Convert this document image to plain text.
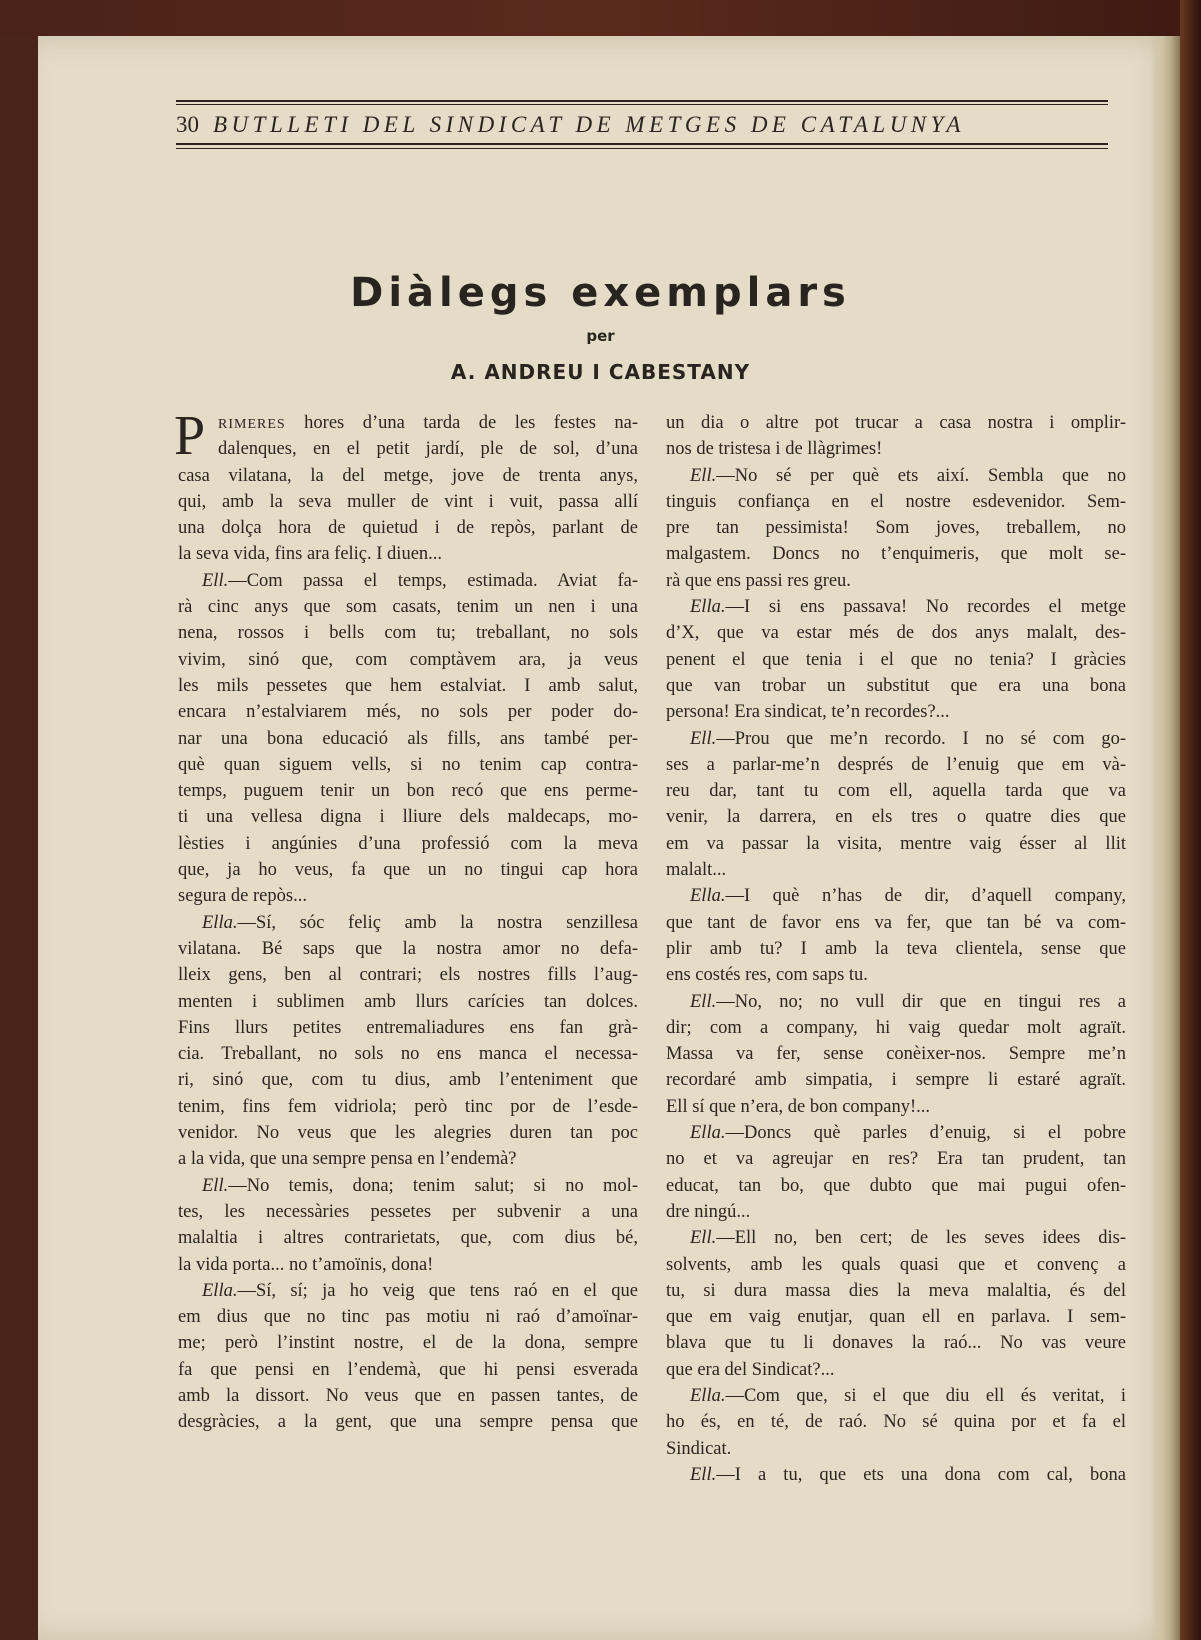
30 BUTLLETI DEL SINDICAT DE METGES DE CATALUNYA
Diàlegs exemplars
per
A. ANDREU I CABESTANY
P RIMERES hores d’una tarda de les festes na-
dalenques, en el petit jardí, ple de sol, d’una
casa vilatana, la del metge, jove de trenta anys,
qui, amb la seva muller de vint i vuit, passa allí
una dolça hora de quietud i de repòs, parlant de
la seva vida, fins ara feliç. I diuen...
Ell.—Com passa el temps, estimada. Aviat fa-
rà cinc anys que som casats, tenim un nen i una
nena, rossos i bells com tu; treballant, no sols
vivim, sinó que, com comptàvem ara, ja veus
les mils pessetes que hem estalviat. I amb salut,
encara n’estalviarem més, no sols per poder do-
nar una bona educació als fills, ans també per-
què quan siguem vells, si no tenim cap contra-
temps, puguem tenir un bon recó que ens perme-
ti una vellesa digna i lliure dels maldecaps, mo-
lèsties i angúnies d’una professió com la meva
que, ja ho veus, fa que un no tingui cap hora
segura de repòs...
Ella.—Sí, sóc feliç amb la nostra senzillesa
vilatana. Bé saps que la nostra amor no defa-
lleix gens, ben al contrari; els nostres fills l’aug-
menten i sublimen amb llurs carícies tan dolces.
Fins llurs petites entremaliadures ens fan grà-
cia. Treballant, no sols no ens manca el necessa-
ri, sinó que, com tu dius, amb l’enteniment que
tenim, fins fem vidriola; però tinc por de l’esde-
venidor. No veus que les alegries duren tan poc
a la vida, que una sempre pensa en l’endemà?
Ell.—No temis, dona; tenim salut; si no mol-
tes, les necessàries pessetes per subvenir a una
malaltia i altres contrarietats, que, com dius bé,
la vida porta... no t’amoïnis, dona!
Ella.—Sí, sí; ja ho veig que tens raó en el que
em dius que no tinc pas motiu ni raó d’amoïnar-
me; però l’instint nostre, el de la dona, sempre
fa que pensi en l’endemà, que hi pensi esverada
amb la dissort. No veus que en passen tantes, de
desgràcies, a la gent, que una sempre pensa que
un dia o altre pot trucar a casa nostra i omplir-
nos de tristesa i de llàgrimes!
Ell.—No sé per què ets així. Sembla que no
tinguis confiança en el nostre esdevenidor. Sem-
pre tan pessimista! Som joves, treballem, no
malgastem. Doncs no t’enquimeris, que molt se-
rà que ens passi res greu.
Ella.—I si ens passava! No recordes el metge
d’X, que va estar més de dos anys malalt, des-
penent el que tenia i el que no tenia? I gràcies
que van trobar un substitut que era una bona
persona! Era sindicat, te’n recordes?...
Ell.—Prou que me’n recordo. I no sé com go-
ses a parlar-me’n després de l’enuig que em và-
reu dar, tant tu com ell, aquella tarda que va
venir, la darrera, en els tres o quatre dies que
em va passar la visita, mentre vaig ésser al llit
malalt...
Ella.—I què n’has de dir, d’aquell company,
que tant de favor ens va fer, que tan bé va com-
plir amb tu? I amb la teva clientela, sense que
ens costés res, com saps tu.
Ell.—No, no; no vull dir que en tingui res a
dir; com a company, hi vaig quedar molt agraït.
Massa va fer, sense conèixer-nos. Sempre me’n
recordaré amb simpatia, i sempre li estaré agraït.
Ell sí que n’era, de bon company!...
Ella.—Doncs què parles d’enuig, si el pobre
no et va agreujar en res? Era tan prudent, tan
educat, tan bo, que dubto que mai pugui ofen-
dre ningú...
Ell.—Ell no, ben cert; de les seves idees dis-
solvents, amb les quals quasi que et convenç a
tu, si dura massa dies la meva malaltia, és del
que em vaig enutjar, quan ell en parlava. I sem-
blava que tu li donaves la raó... No vas veure
que era del Sindicat?...
Ella.—Com que, si el que diu ell és veritat, i
ho és, en té, de raó. No sé quina por et fa el
Sindicat.
Ell.—I a tu, que ets una dona com cal, bona
